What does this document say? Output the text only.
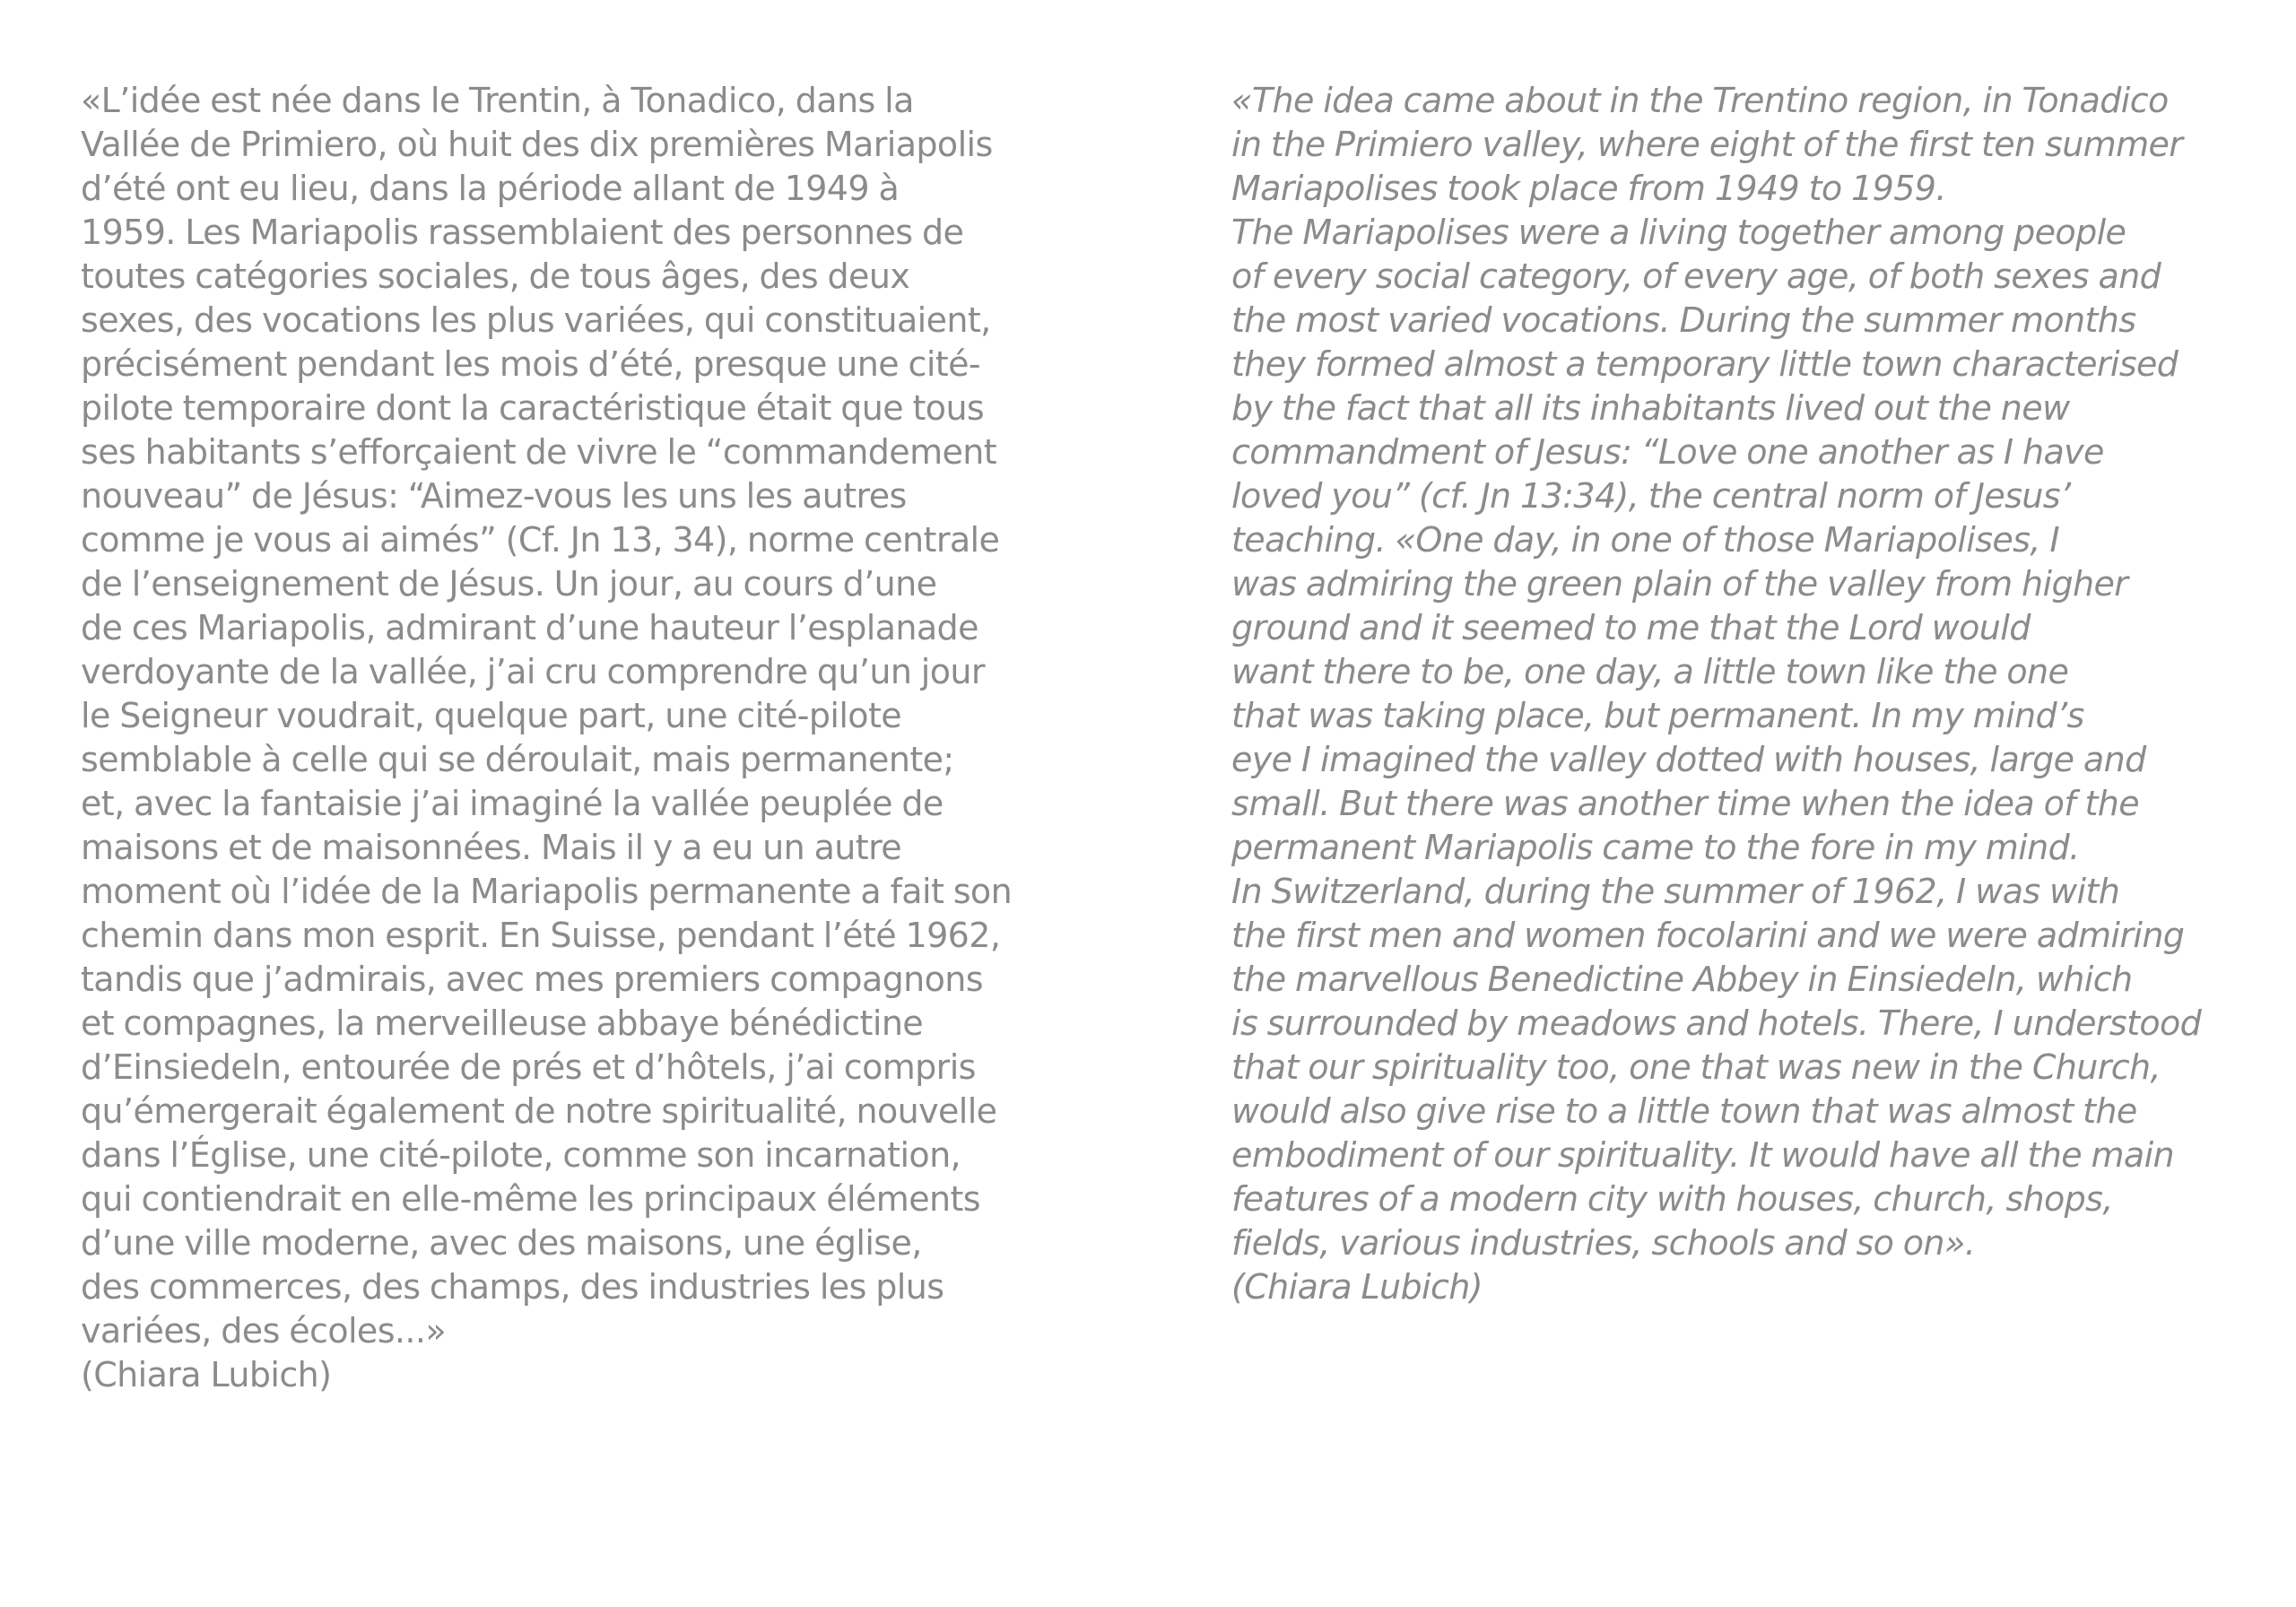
«L’idée est née dans le Trentin, à Tonadico, dans la
Vallée de Primiero, où huit des dix premières Mariapolis
d’été ont eu lieu, dans la période allant de 1949 à
1959. Les Mariapolis rassemblaient des personnes de
toutes catégories sociales, de tous âges, des deux
sexes, des vocations les plus variées, qui constituaient,
précisément pendant les mois d’été, presque une cité-
pilote temporaire dont la caractéristique était que tous
ses habitants s’efforçaient de vivre le “commandement
nouveau” de Jésus: “Aimez-vous les uns les autres
comme je vous ai aimés” (Cf. Jn 13, 34), norme centrale
de l’enseignement de Jésus. Un jour, au cours d’une
de ces Mariapolis, admirant d’une hauteur l’esplanade
verdoyante de la vallée, j’ai cru comprendre qu’un jour
le Seigneur voudrait, quelque part, une cité-pilote
semblable à celle qui se déroulait, mais permanente;
et, avec la fantaisie j’ai imaginé la vallée peuplée de
maisons et de maisonnées. Mais il y a eu un autre
moment où l’idée de la Mariapolis permanente a fait son
chemin dans mon esprit. En Suisse, pendant l’été 1962,
tandis que j’admirais, avec mes premiers compagnons
et compagnes, la merveilleuse abbaye bénédictine
d’Einsiedeln, entourée de prés et d’hôtels, j’ai compris
qu’émergerait également de notre spiritualité, nouvelle
dans l’Église, une cité-pilote, comme son incarnation,
qui contiendrait en elle-même les principaux éléments
d’une ville moderne, avec des maisons, une église,
des commerces, des champs, des industries les plus
variées, des écoles...»
(Chiara Lubich)

«The idea came about in the Trentino region, in Tonadico
in the Primiero valley, where eight of the first ten summer
Mariapolises took place from 1949 to 1959.
The Mariapolises were a living together among people
of every social category, of every age, of both sexes and
the most varied vocations. During the summer months
they formed almost a temporary little town characterised
by the fact that all its inhabitants lived out the new
commandment of Jesus: “Love one another as I have
loved you” (cf. Jn 13:34), the central norm of Jesus’
teaching. «One day, in one of those Mariapolises, I
was admiring the green plain of the valley from higher
ground and it seemed to me that the Lord would
want there to be, one day, a little town like the one
that was taking place, but permanent. In my mind’s
eye I imagined the valley dotted with houses, large and
small. But there was another time when the idea of the
permanent Mariapolis came to the fore in my mind.
In Switzerland, during the summer of 1962, I was with
the first men and women focolarini and we were admiring
the marvellous Benedictine Abbey in Einsiedeln, which
is surrounded by meadows and hotels. There, I understood
that our spirituality too, one that was new in the Church,
would also give rise to a little town that was almost the
embodiment of our spirituality. It would have all the main
features of a modern city with houses, church, shops,
fields, various industries, schools and so on».
(Chiara Lubich)
